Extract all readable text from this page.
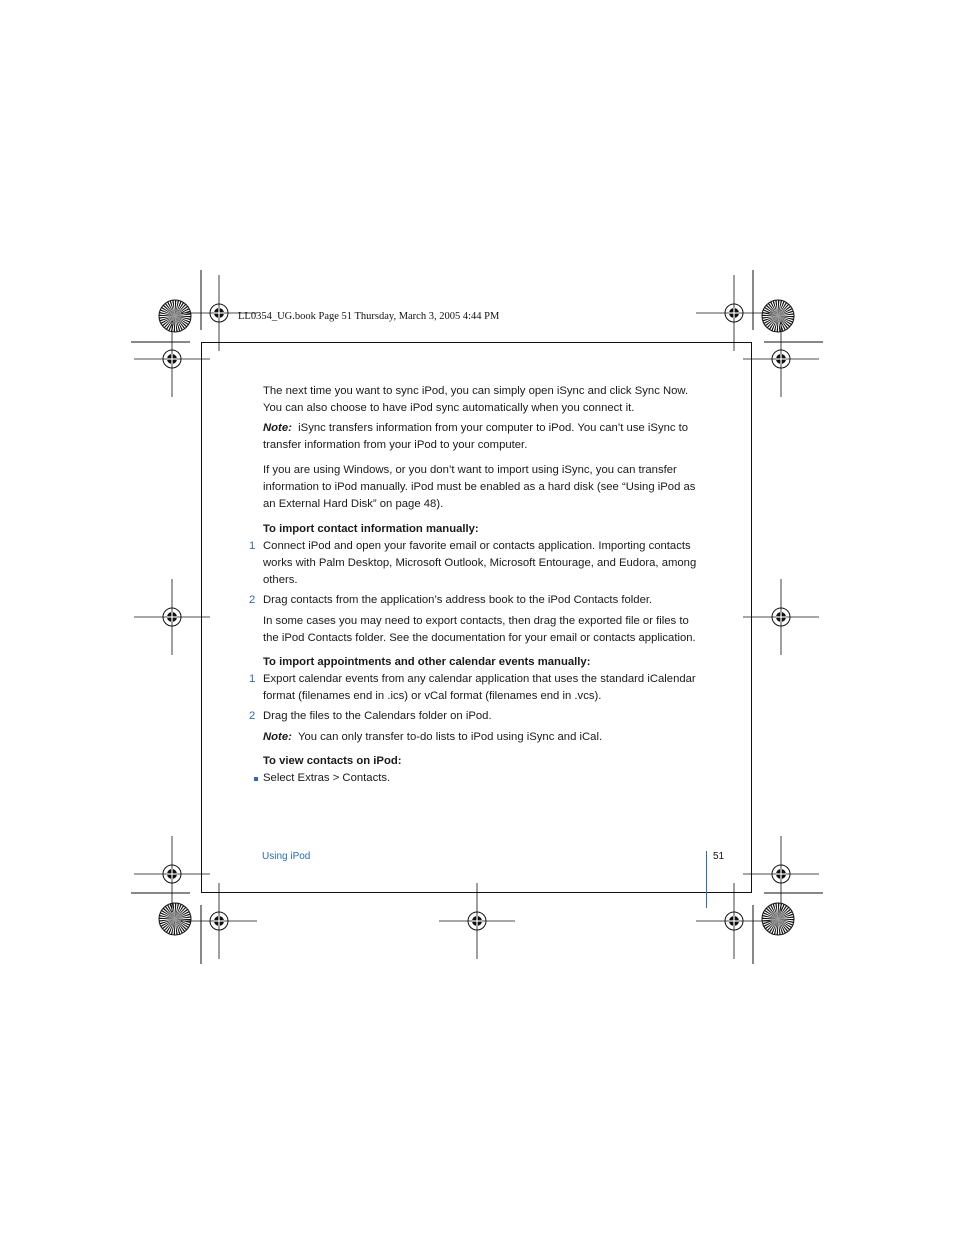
LL0354_UG.book Page 51 Thursday, March 3, 2005 4:44 PM
The next time you want to sync iPod, you can simply open iSync and click Sync Now.
You can also choose to have iPod sync automatically when you connect it.
Note: iSync transfers information from your computer to iPod. You can’t use iSync to
transfer information from your iPod to your computer.
If you are using Windows, or you don’t want to import using iSync, you can transfer
information to iPod manually. iPod must be enabled as a hard disk (see “Using iPod as
an External Hard Disk” on page 48).
To import contact information manually:
1 Connect iPod and open your favorite email or contacts application. Importing contacts
works with Palm Desktop, Microsoft Outlook, Microsoft Entourage, and Eudora, among
others.
2 Drag contacts from the application’s address book to the iPod Contacts folder.
In some cases you may need to export contacts, then drag the exported file or files to
the iPod Contacts folder. See the documentation for your email or contacts application.
To import appointments and other calendar events manually:
1 Export calendar events from any calendar application that uses the standard iCalendar
format (filenames end in .ics) or vCal format (filenames end in .vcs).
2 Drag the files to the Calendars folder on iPod.
Note: You can only transfer to-do lists to iPod using iSync and iCal.
To view contacts on iPod:
Select Extras > Contacts.
Using iPod	51
